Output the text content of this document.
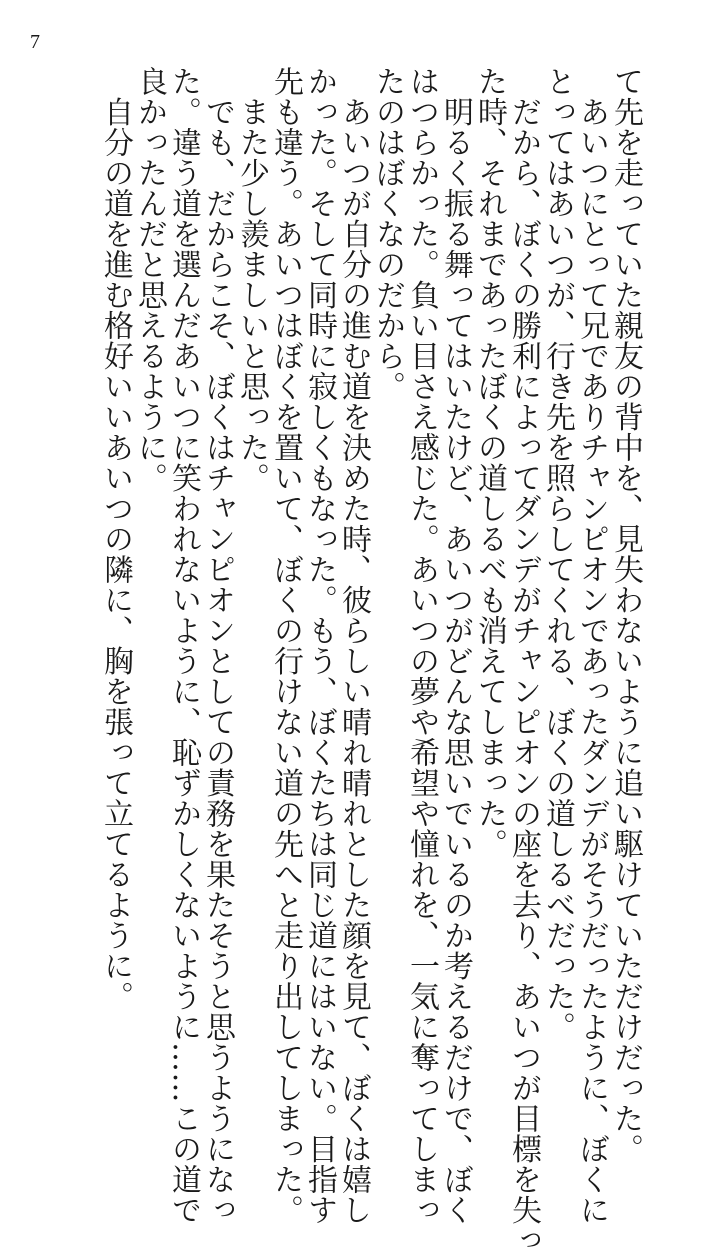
7
て先を走っていた親友の背中を、見失わないように追い駆けていただけだった。
　あいつにとって兄でありチャンピオンであったダンデがそうだったように、ぼくに
とってはあいつが、行き先を照らしてくれる、ぼくの道しるべだった。
　だから、ぼくの勝利によってダンデがチャンピオンの座を去り、あいつが目標を失っ
た時、それまであったぼくの道しるべも消えてしまった。
　明るく振る舞ってはいたけど、あいつがどんな思いでいるのか考えるだけで、ぼく
はつらかった。負い目さえ感じた。あいつの夢や希望や憧れを、一気に奪ってしまっ
たのはぼくなのだから。
　あいつが自分の進む道を決めた時、彼らしい晴れ晴れとした顔を見て、ぼくは嬉し
かった。そして同時に寂しくもなった。もう、ぼくたちは同じ道にはいない。目指す
先も違う。あいつはぼくを置いて、ぼくの行けない道の先へと走り出してしまった。
　また少し羨ましいと思った。
　でも、だからこそ、ぼくはチャンピオンとしての責務を果たそうと思うようになっ
た。違う道を選んだあいつに笑われないように、恥ずかしくないように……この道で
良かったんだと思えるように。
　自分の道を進む格好いいあいつの隣に、胸を張って立てるように。
